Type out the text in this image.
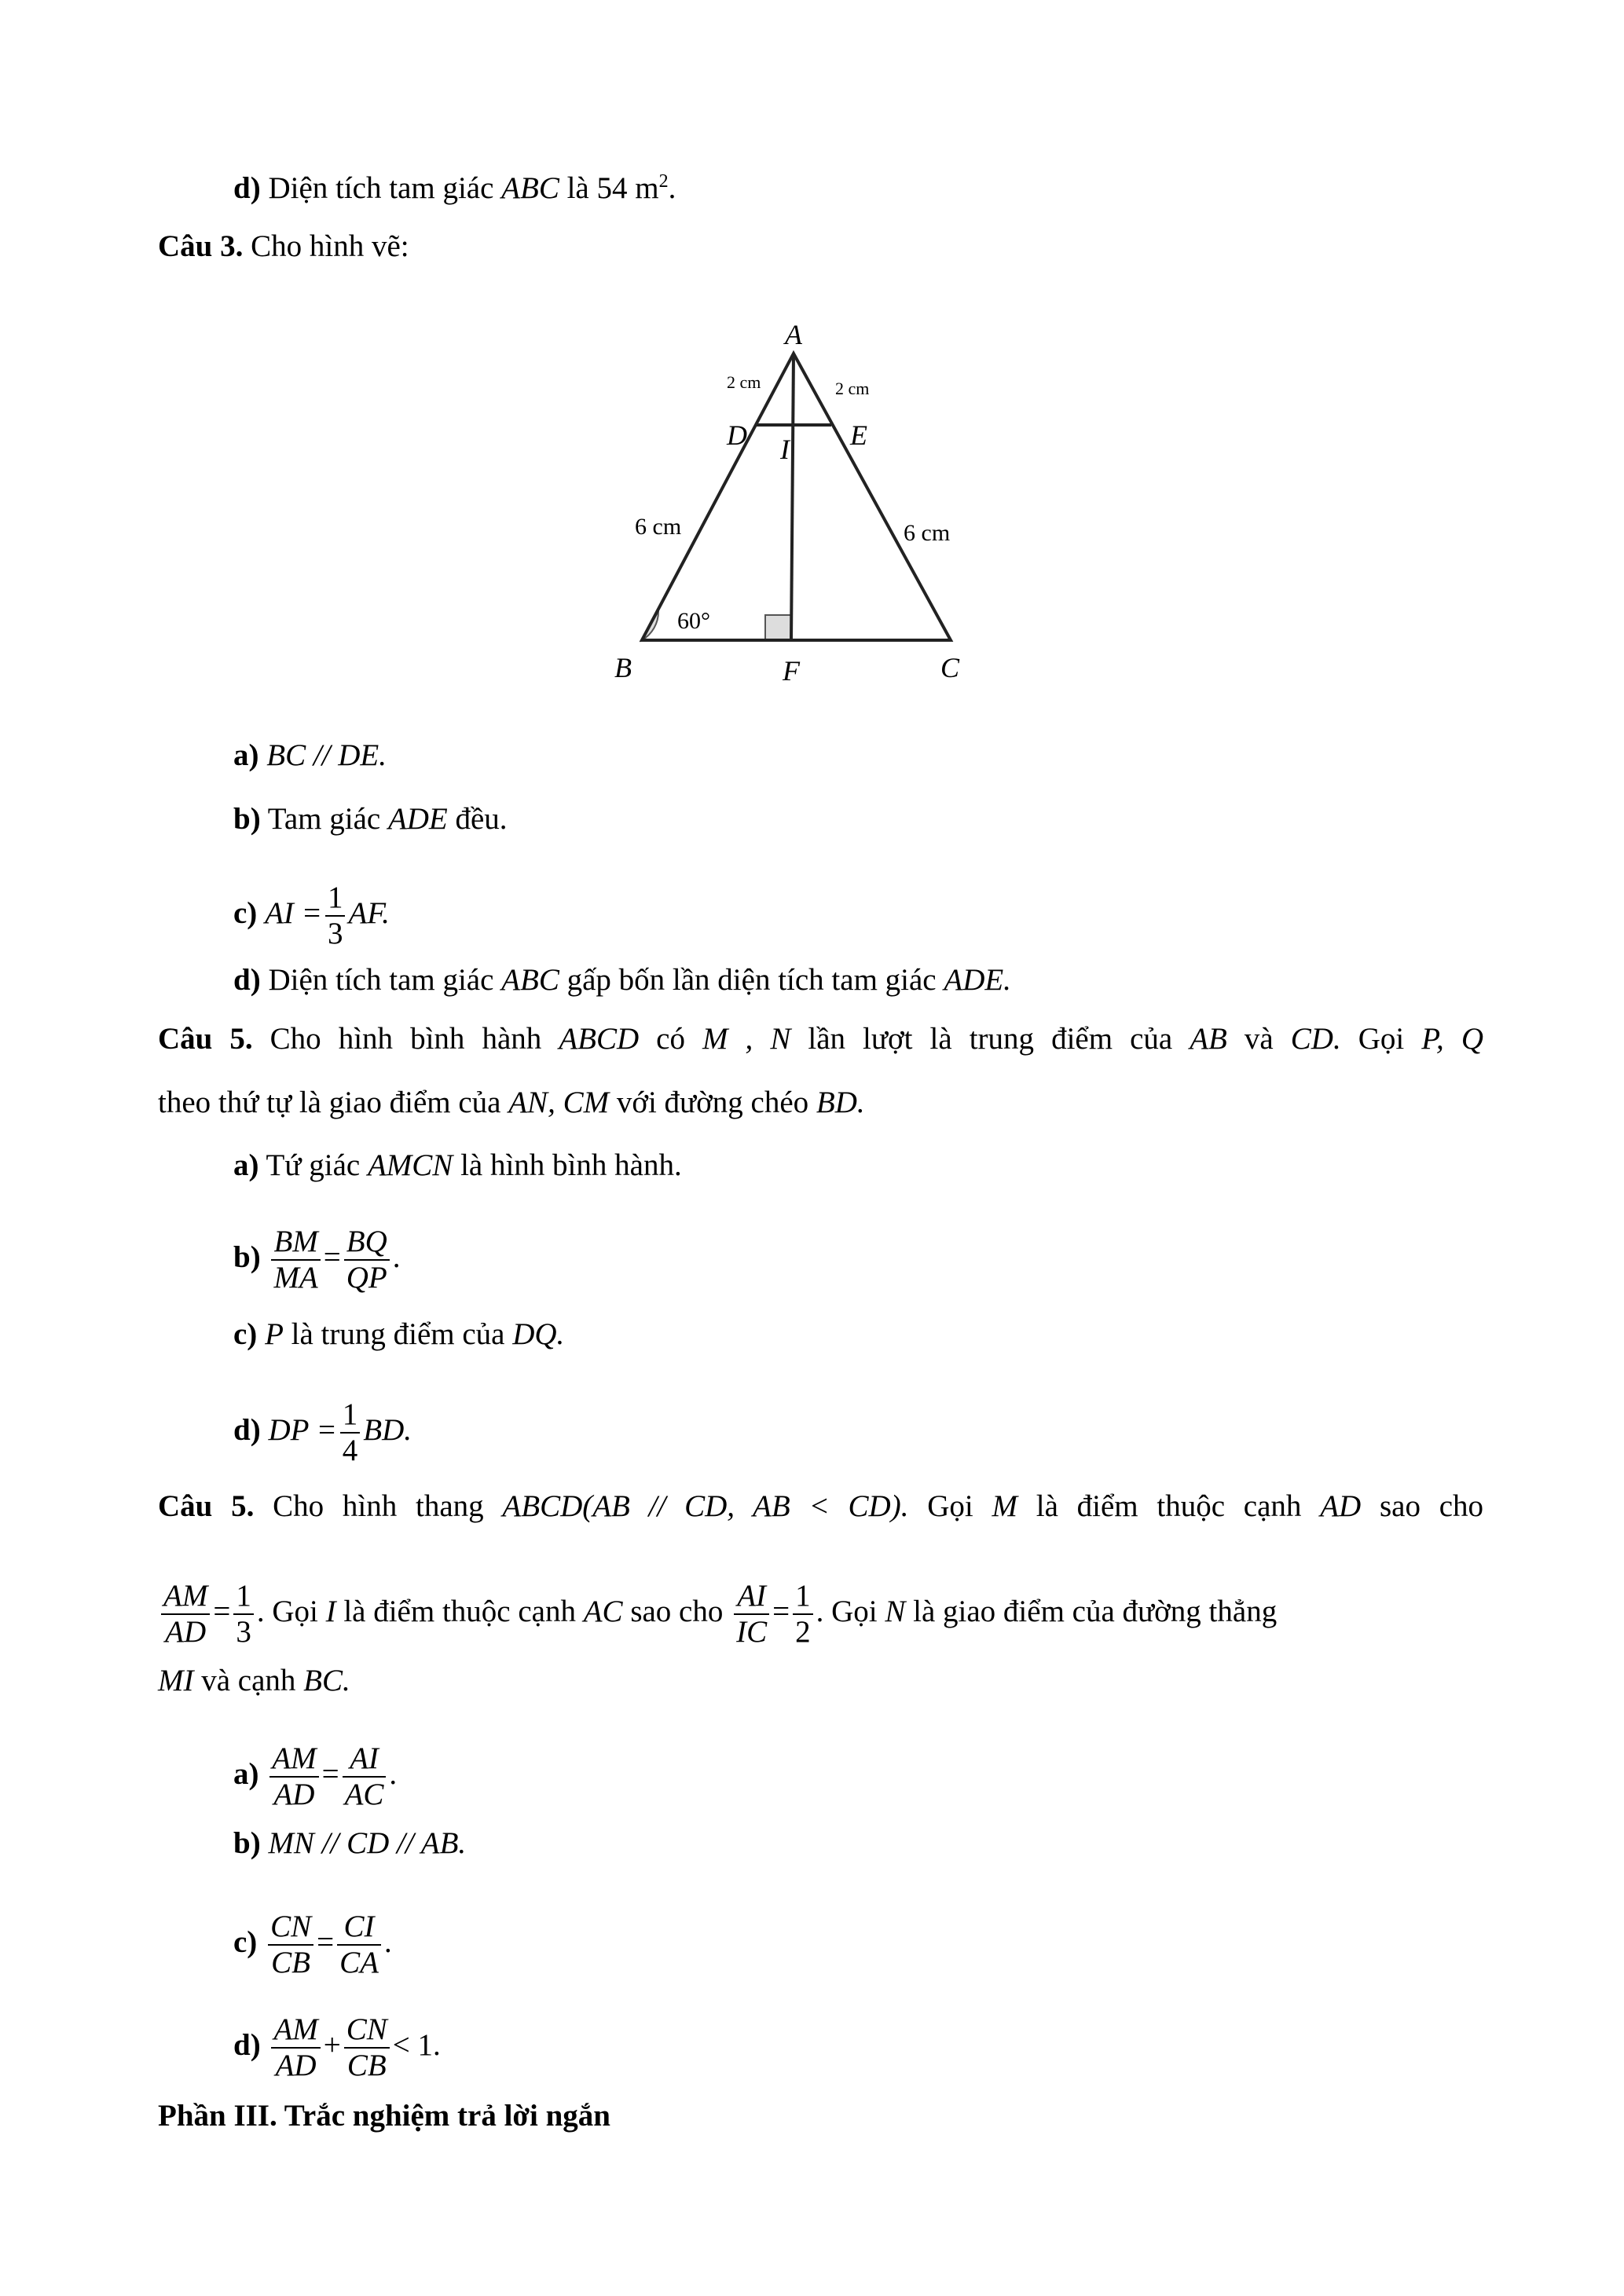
d) Diện tích tam giác ABC là 54 $m^2$.
Câu 3. Cho hình vẽ:
A
D	E
I
B	F	C
2 cm	2 cm
6 cm	6 cm
60°
a) BC // DE.
b) Tam giác ADE đều.
c) AI = $\frac{1}{3}$ AF.
d) Diện tích tam giác ABC gấp bốn lần diện tích tam giác ADE.
Câu 5. Cho hình bình hành ABCD có M , N lần lượt là trung điểm của AB và CD. Gọi P, Q
theo thứ tự là giao điểm của AN, CM với đường chéo BD.
a) Tứ giác AMCN là hình bình hành.
$b) \frac{BM}{MA} = \frac{BQ}{QP}$ .
c) P là trung điểm của DQ.
d) DP = $\frac{1}{4}$ BD.
Câu 5. Cho hình thang ABCD(AB // CD, AB < CD). Gọi M là điểm thuộc cạnh AD sao cho
$\frac{AM}{AD} = \frac{1}{3}$ . Gọi I là điểm thuộc cạnh AC sao cho $\frac{AI}{IC} = \frac{1}{2}$ . Gọi N là giao điểm của đường thẳng
MI và cạnh BC.
$a) \frac{AM}{AD} = \frac{AI}{AC}$ .
b) MN // CD // AB.
$c) \frac{CN}{CB} = \frac{CI}{CA}$ .
$d) \frac{AM}{AD} + \frac{CN}{CB} < 1$.
Phần III. Trắc nghiệm trả lời ngắn
